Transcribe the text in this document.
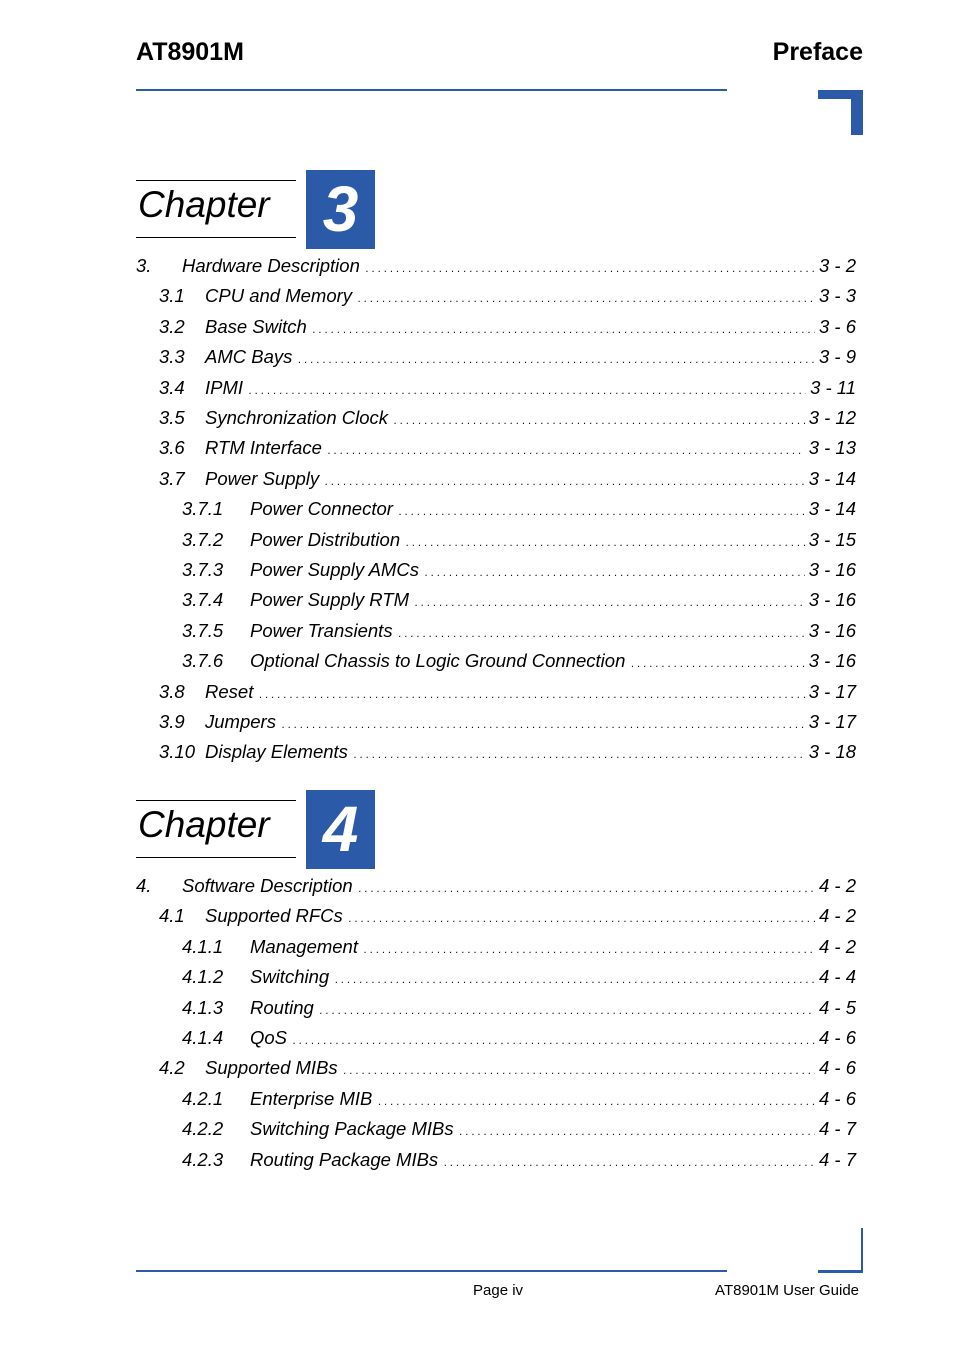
AT8901M	Preface
Chapter 3
3.	Hardware Description . . .	3 - 2
3.1	CPU and Memory . . .	3 - 3
3.2	Base Switch . . .	3 - 6
3.3	AMC Bays . . .	3 - 9
3.4	IPMI . . .	3 - 11
3.5	Synchronization Clock . . .	3 - 12
3.6	RTM Interface . . .	3 - 13
3.7	Power Supply . . .	3 - 14
3.7.1	Power Connector . . .	3 - 14
3.7.2	Power Distribution . . .	3 - 15
3.7.3	Power Supply AMCs . . .	3 - 16
3.7.4	Power Supply RTM . . .	3 - 16
3.7.5	Power Transients . . .	3 - 16
3.7.6	Optional Chassis to Logic Ground Connection . . .	3 - 16
3.8	Reset . . .	3 - 17
3.9	Jumpers . . .	3 - 17
3.10 Display Elements . . .	3 - 18
Chapter 4
4.	Software Description . . .	4 - 2
4.1	Supported RFCs . . .	4 - 2
4.1.1	Management . . .	4 - 2
4.1.2	Switching . . .	4 - 4
4.1.3	Routing . . .	4 - 5
4.1.4	QoS . . .	4 - 6
4.2	Supported MIBs . . .	4 - 6
4.2.1	Enterprise MIB . . .	4 - 6
4.2.2	Switching Package MIBs . . .	4 - 7
4.2.3	Routing Package MIBs . . .	4 - 7
Page iv	AT8901M User Guide
